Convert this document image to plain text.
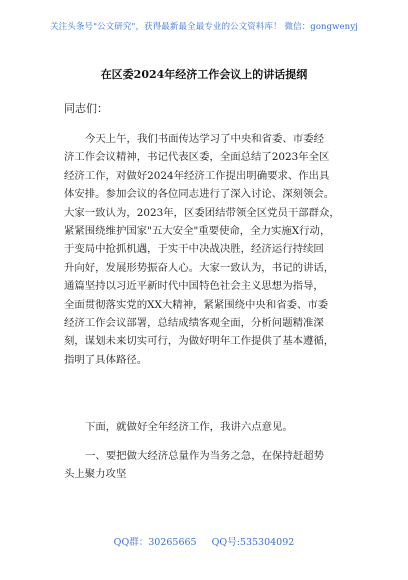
关注头条号"公文研究"，获得最新最全最专业的公文资料库！ 微信：gongwenyj
在区委2024年经济工作会议上的讲话提纲
同志们：
今天上午，我们书面传达学习了中央和省委、市委经
济工作会议精神，书记代表区委，全面总结了2023年全区
经济工作，对做好2024年经济工作提出明确要求、作出具
体安排。参加会议的各位同志进行了深入讨论、深刻领会。
大家一致认为，2023年，区委团结带领全区党员干部群众，
紧紧围绕维护国家"五大安全"重要使命，全力实施X行动，
于变局中抢抓机遇，于实干中决战决胜，经济运行持续回
升向好，发展形势振奋人心。大家一致认为，书记的讲话，
通篇坚持以习近平新时代中国特色社会主义思想为指导，
全面贯彻落实党的XX大精神，紧紧围绕中央和省委、市委
经济工作会议部署，总结成绩客观全面，分析问题精准深
刻，谋划未来切实可行，为做好明年工作提供了基本遵循，
指明了具体路径。
下面，就做好全年经济工作，我讲六点意见。
一、要把做大经济总量作为当务之急，在保持赶超势
头上聚力攻坚
QQ群：30265665 QQ号:535304092
